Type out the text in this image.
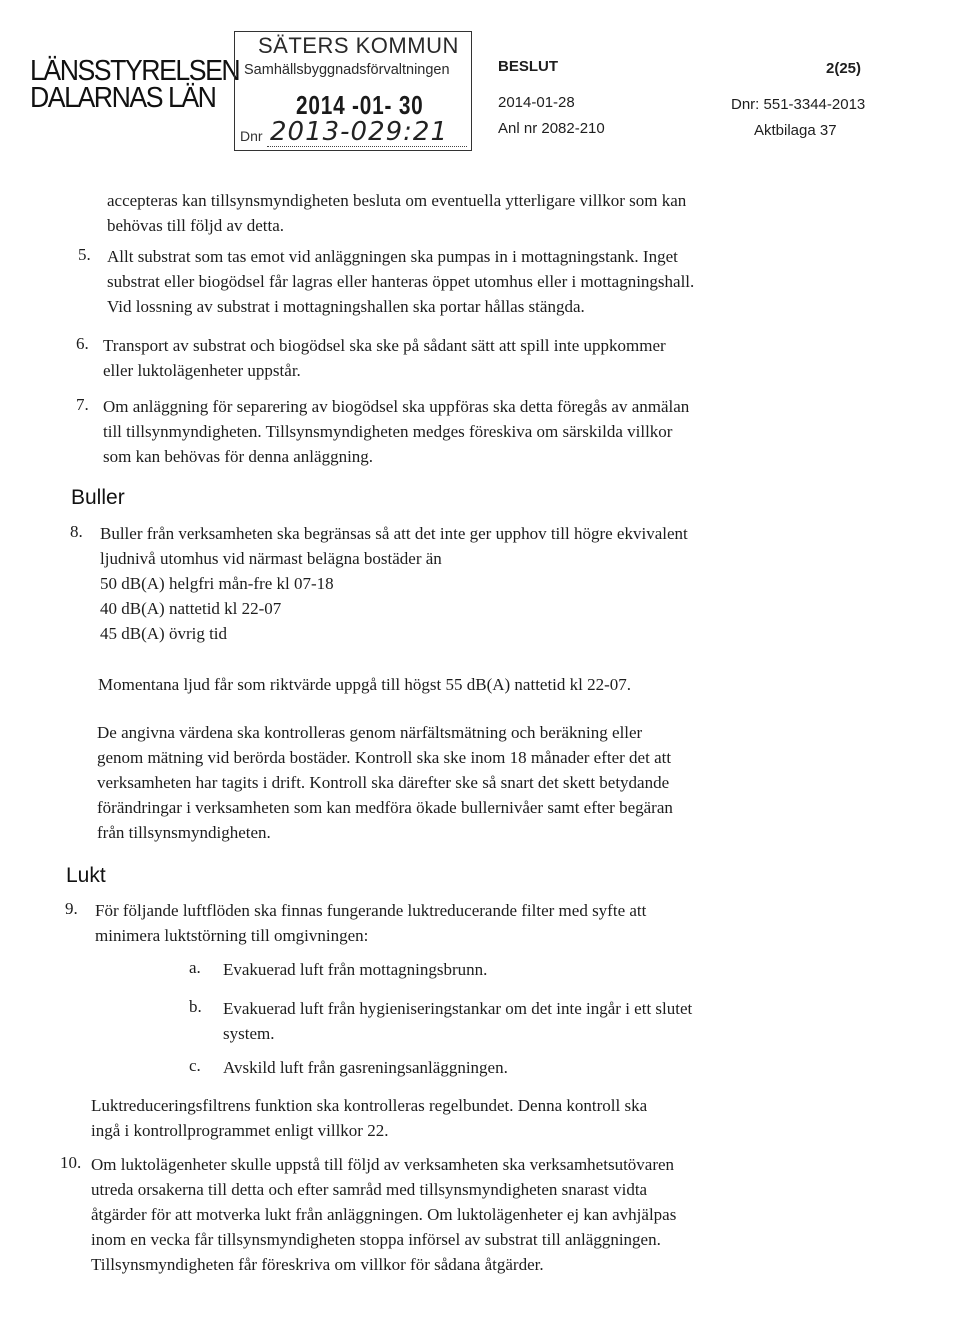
LÄNSSTYRELSEN
DALARNAS LÄN
SÄTERS KOMMUN
Samhällsbyggnadsförvaltningen
2014 -01- 30
Dnr 2013-029:21
BESLUT	2(25)
2014-01-28	Dnr: 551-3344-2013
Anl nr 2082-210	Aktbilaga 37
accepteras kan tillsynsmyndigheten besluta om eventuella ytterligare villkor som kan
behövas till följd av detta.
5. Allt substrat som tas emot vid anläggningen ska pumpas in i mottagningstank. Inget
substrat eller biogödsel får lagras eller hanteras öppet utomhus eller i mottagningshall.
Vid lossning av substrat i mottagningshallen ska portar hållas stängda.
6. Transport av substrat och biogödsel ska ske på sådant sätt att spill inte uppkommer
eller luktolägenheter uppstår.
7. Om anläggning för separering av biogödsel ska uppföras ska detta föregås av anmälan
till tillsynmyndigheten. Tillsynsmyndigheten medges föreskiva om särskilda villkor
som kan behövas för denna anläggning.
Buller
8. Buller från verksamheten ska begränsas så att det inte ger upphov till högre ekvivalent
ljudnivå utomhus vid närmast belägna bostäder än
50 dB(A) helgfri mån-fre kl 07-18
40 dB(A) nattetid kl 22-07
45 dB(A) övrig tid
Momentana ljud får som riktvärde uppgå till högst 55 dB(A) nattetid kl 22-07.
De angivna värdena ska kontrolleras genom närfältsmätning och beräkning eller
genom mätning vid berörda bostäder. Kontroll ska ske inom 18 månader efter det att
verksamheten har tagits i drift. Kontroll ska därefter ske så snart det skett betydande
förändringar i verksamheten som kan medföra ökade bullernivåer samt efter begäran
från tillsynsmyndigheten.
Lukt
9. För följande luftflöden ska finnas fungerande luktreducerande filter med syfte att
minimera luktstörning till omgivningen:
a. Evakuerad luft från mottagningsbrunn.
b. Evakuerad luft från hygieniseringstankar om det inte ingår i ett slutet
system.
c. Avskild luft från gasreningsanläggningen.
Luktreduceringsfiltrens funktion ska kontrolleras regelbundet. Denna kontroll ska
ingå i kontrollprogrammet enligt villkor 22.
10. Om luktolägenheter skulle uppstå till följd av verksamheten ska verksamhetsutövaren
utreda orsakerna till detta och efter samråd med tillsynsmyndigheten snarast vidta
åtgärder för att motverka lukt från anläggningen. Om luktolägenheter ej kan avhjälpas
inom en vecka får tillsynsmyndigheten stoppa införsel av substrat till anläggningen.
Tillsynsmyndigheten får föreskriva om villkor för sådana åtgärder.
